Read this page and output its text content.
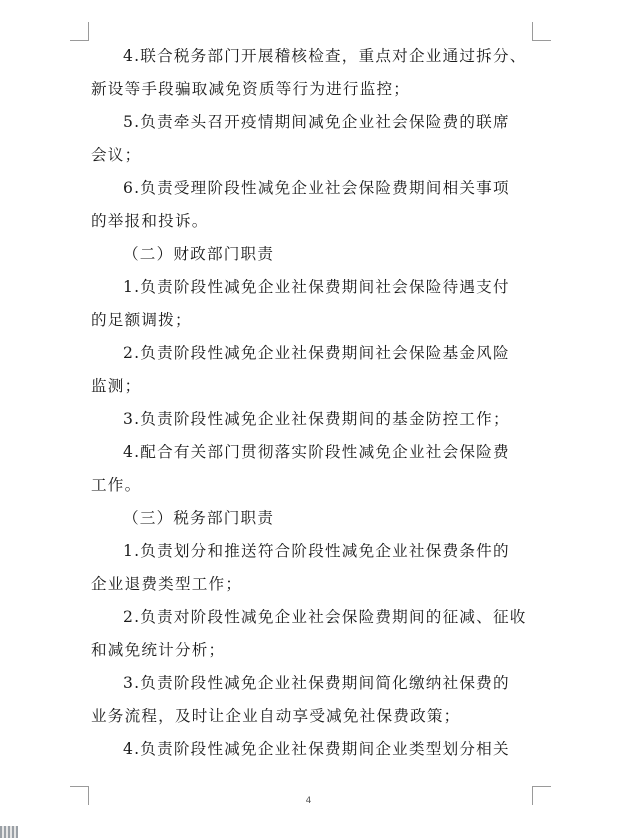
4.联合税务部门开展稽核检查，重点对企业通过拆分、
新设等手段骗取减免资质等行为进行监控；
5.负责牵头召开疫情期间减免企业社会保险费的联席
会议；
6.负责受理阶段性减免企业社会保险费期间相关事项
的举报和投诉。
（二）财政部门职责
1.负责阶段性减免企业社保费期间社会保险待遇支付
的足额调拨；
2.负责阶段性减免企业社保费期间社会保险基金风险
监测；
3.负责阶段性减免企业社保费期间的基金防控工作；
4.配合有关部门贯彻落实阶段性减免企业社会保险费
工作。
（三）税务部门职责
1.负责划分和推送符合阶段性减免企业社保费条件的
企业退费类型工作；
2.负责对阶段性减免企业社会保险费期间的征减、征收
和减免统计分析；
3.负责阶段性减免企业社保费期间简化缴纳社保费的
业务流程，及时让企业自动享受减免社保费政策；
4.负责阶段性减免企业社保费期间企业类型划分相关
4
